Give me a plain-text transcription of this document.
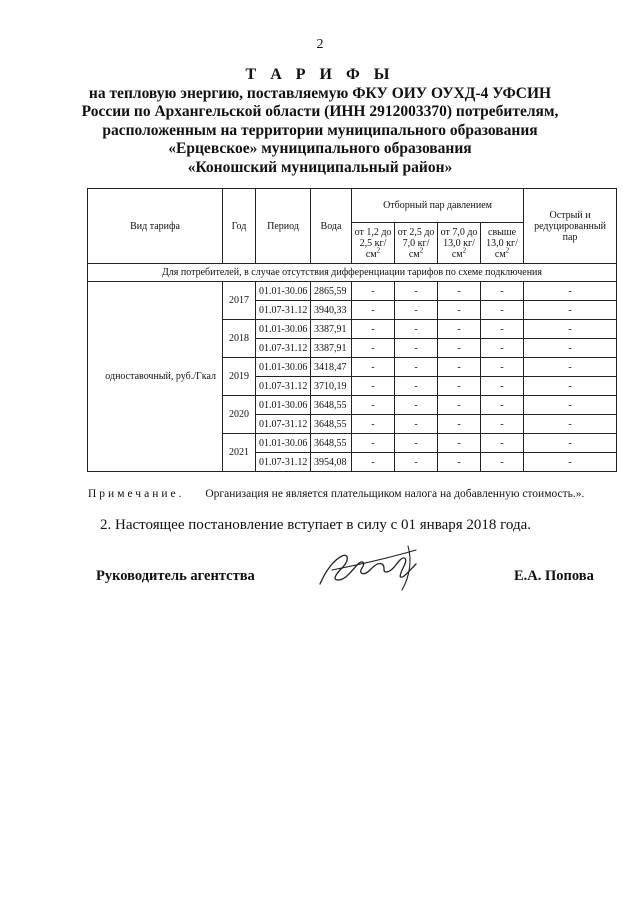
2
Т А Р И Ф Ы
на тепловую энергию, поставляемую ФКУ ОИУ ОУХД-4 УФСИН
России по Архангельской области (ИНН 2912003370) потребителям,
расположенным на территории муниципального образования
«Ерцевское» муниципального образования
«Коношский муниципальный район»
Вид тарифа	Год	Период	Вода	Отборный пар давлением				Острый и редуцированный пар
				от 1,2 до 2,5 $кг/см^2$	от 2,5 до 7,0 $кг/см^2$	от 7,0 до 13,0 $кг/см^2$	свыше 13,0 $кг/см^2$
Для потребителей, в случае отсутствия дифференциации тарифов по схеме подключения								
одноставочный, руб./Гкал	2017	01.01-30.06	2865,59	-	-	-	-	-
		01.07-31.12	3940,33	-	-	-	-	-
	2018	01.01-30.06	3387,91	-	-	-	-	-
		01.07-31.12	3387,91	-	-	-	-	-
	2019	01.01-30.06	3418,47	-	-	-	-	-
		01.07-31.12	3710,19	-	-	-	-	-
	2020	01.01-30.06	3648,55	-	-	-	-	-
		01.07-31.12	3648,55	-	-	-	-	-
	2021	01.01-30.06	3648,55	-	-	-	-	-
		01.07-31.12	3954,08	-	-	-	-	-
Примечание. Организация не является плательщиком налога на добавленную стоимость.».
2. Настоящее постановление вступает в силу с 01 января 2018 года.
Руководитель агентства	Е.А. Попова
